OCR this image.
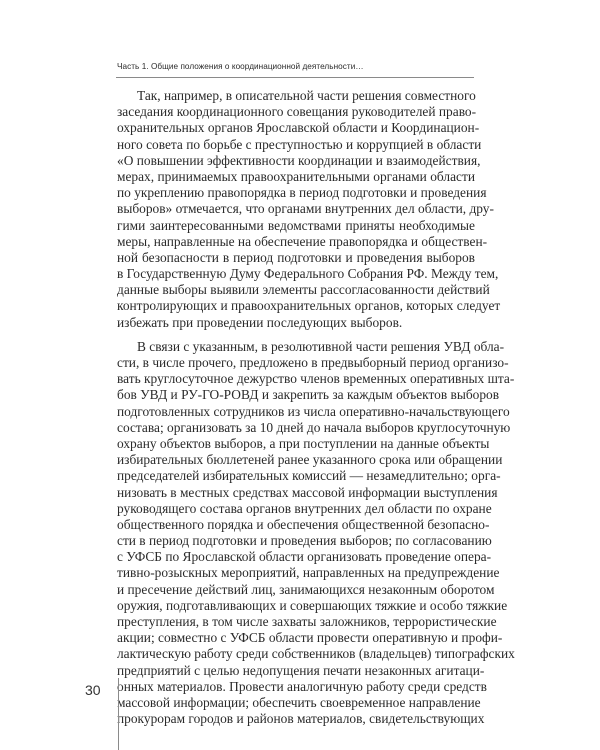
Часть 1. Общие положения о координационной деятельности…
Так, например, в описательной части решения совместного
заседания координационного совещания руководителей право-
охранительных органов Ярославской области и Координацион-
ного совета по борьбе с преступностью и коррупцией в области
«О повышении эффективности координации и взаимодействия,
мерах, принимаемых правоохранительными органами области
по укреплению правопорядка в период подготовки и проведения
выборов» отмечается, что органами внутренних дел области, дру-
гими заинтересованными ведомствами приняты необходимые
меры, направленные на обеспечение правопорядка и обществен-
ной безопасности в период подготовки и проведения выборов
в Государственную Думу Федерального Собрания РФ. Между тем,
данные выборы выявили элементы рассогласованности действий
контролирующих и правоохранительных органов, которых следует
избежать при проведении последующих выборов.
В связи с указанным, в резолютивной части решения УВД обла-
сти, в числе прочего, предложено в предвыборный период организо-
вать круглосуточное дежурство членов временных оперативных шта-
бов УВД и РУ-ГО-РОВД и закрепить за каждым объектов выборов
подготовленных сотрудников из числа оперативно-начальствующего
состава; организовать за 10 дней до начала выборов круглосуточную
охрану объектов выборов, а при поступлении на данные объекты
избирательных бюллетеней ранее указанного срока или обращении
председателей избирательных комиссий — незамедлительно; орга-
низовать в местных средствах массовой информации выступления
руководящего состава органов внутренних дел области по охране
общественного порядка и обеспечения общественной безопасно-
сти в период подготовки и проведения выборов; по согласованию
с УФСБ по Ярославской области организовать проведение опера-
тивно-розыскных мероприятий, направленных на предупреждение
и пресечение действий лиц, занимающихся незаконным оборотом
оружия, подготавливающих и совершающих тяжкие и особо тяжкие
преступления, в том числе захваты заложников, террористические
акции; совместно с УФСБ области провести оперативную и профи-
лактическую работу среди собственников (владельцев) типографских
предприятий с целью недопущения печати незаконных агитаци-
онных материалов. Провести аналогичную работу среди средств
массовой информации; обеспечить своевременное направление
прокурорам городов и районов материалов, свидетельствующих
30
